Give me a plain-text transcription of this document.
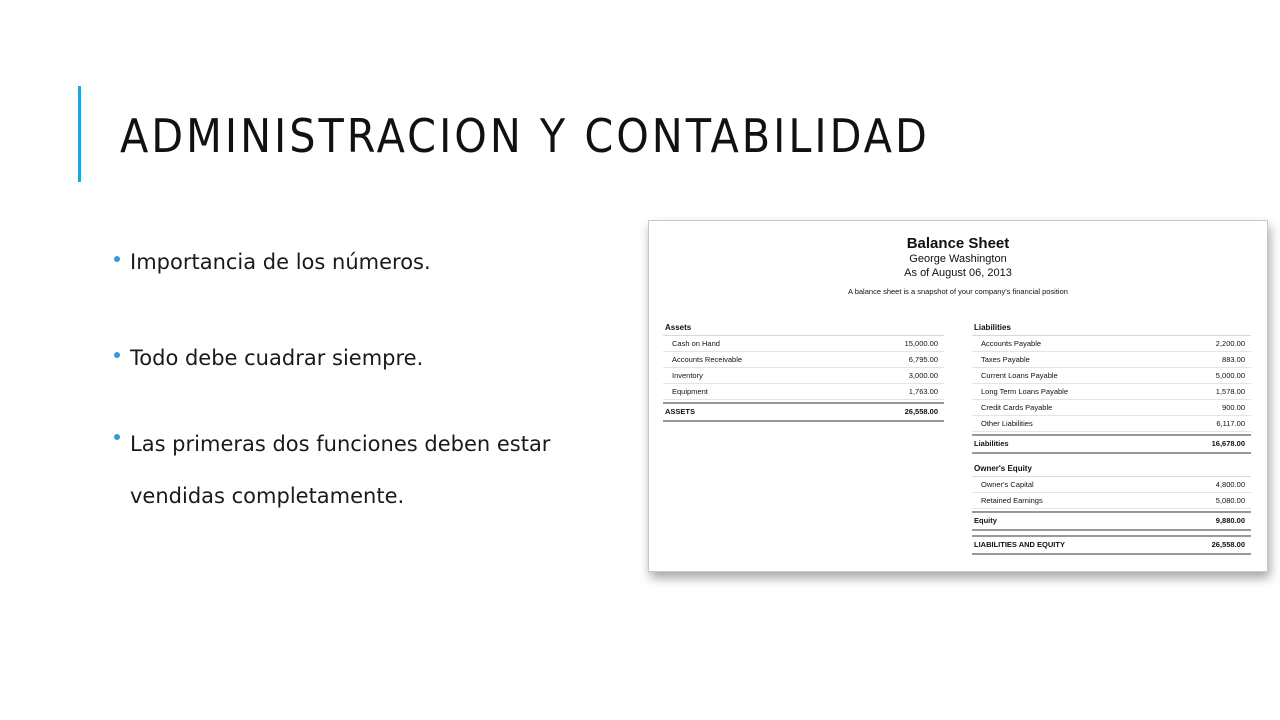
ADMINISTRACION Y CONTABILIDAD
Importancia de los números.
Todo debe cuadrar siempre.
Las primeras dos funciones deben estar vendidas completamente.
Balance Sheet
George Washington
As of August 06, 2013
A balance sheet is a snapshot of your company's financial position
Assets
Cash on Hand	15,000.00
Accounts Receivable	6,795.00
Inventory	3,000.00
Equipment	1,763.00
ASSETS	26,558.00
Liabilities
Accounts Payable	2,200.00
Taxes Payable	883.00
Current Loans Payable	5,000.00
Long Term Loans Payable	1,578.00
Credit Cards Payable	900.00
Other Liabilities	6,117.00
Liabilities	16,678.00
Owner's Equity
Owner's Capital	4,800.00
Retained Earnings	5,080.00
Equity	9,880.00
LIABILITIES AND EQUITY	26,558.00
